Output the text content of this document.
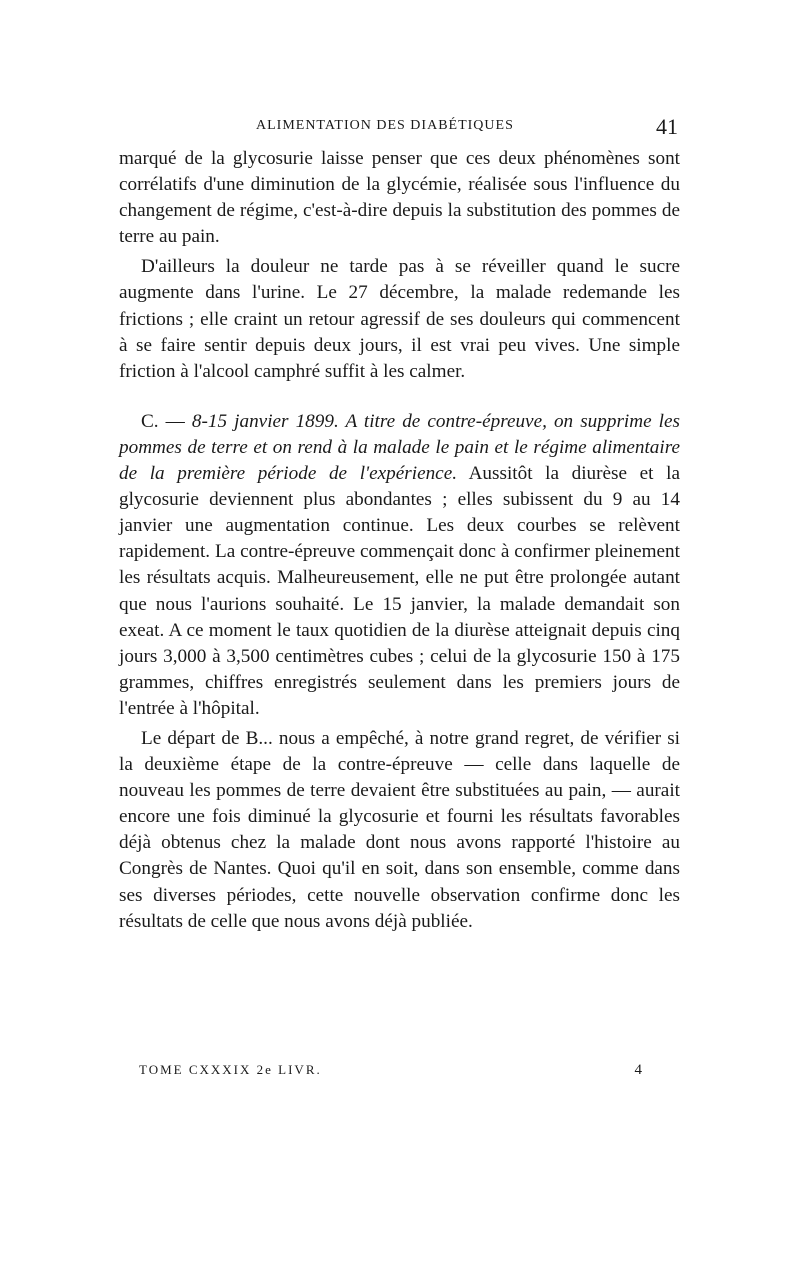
ALIMENTATION DES DIABÉTIQUES	41

marqué de la glycosurie laisse penser que ces deux phénomènes sont corrélatifs d'une diminution de la glycémie, réalisée sous l'influence du changement de régime, c'est-à-dire depuis la substitution des pommes de terre au pain.

D'ailleurs la douleur ne tarde pas à se réveiller quand le sucre augmente dans l'urine. Le 27 décembre, la malade redemande les frictions ; elle craint un retour agressif de ses douleurs qui commencent à se faire sentir depuis deux jours, il est vrai peu vives. Une simple friction à l'alcool camphré suffit à les calmer.

C. — 8-15 janvier 1899. A titre de contre-épreuve, on supprime les pommes de terre et on rend à la malade le pain et le régime alimentaire de la première période de l'expérience. Aussitôt la diurèse et la glycosurie deviennent plus abondantes ; elles subissent du 9 au 14 janvier une augmentation continue. Les deux courbes se relèvent rapidement. La contre-épreuve commençait donc à confirmer pleinement les résultats acquis. Malheureusement, elle ne put être prolongée autant que nous l'aurions souhaité. Le 15 janvier, la malade demandait son exeat. A ce moment le taux quotidien de la diurèse atteignait depuis cinq jours 3,000 à 3,500 centimètres cubes ; celui de la glycosurie 150 à 175 grammes, chiffres enregistrés seulement dans les premiers jours de l'entrée à l'hôpital.

Le départ de B... nous a empêché, à notre grand regret, de vérifier si la deuxième étape de la contre-épreuve — celle dans laquelle de nouveau les pommes de terre devaient être substituées au pain, — aurait encore une fois diminué la glycosurie et fourni les résultats favorables déjà obtenus chez la malade dont nous avons rapporté l'histoire au Congrès de Nantes. Quoi qu'il en soit, dans son ensemble, comme dans ses diverses périodes, cette nouvelle observation confirme donc les résultats de celle que nous avons déjà publiée.

TOME CXXXIX 2e LIVR.	4
